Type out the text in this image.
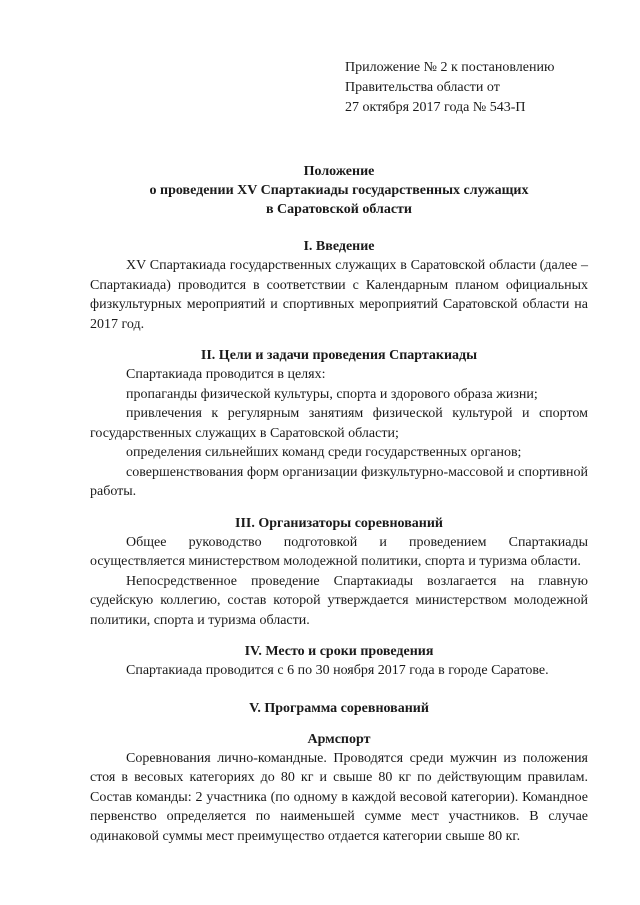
Приложение № 2 к постановлению
Правительства области от
27 октября 2017 года № 543-П
Положение
о проведении XV Спартакиады государственных служащих
в Саратовской области
I. Введение

XV Спартакиада государственных служащих в Саратовской области (далее – Спартакиада) проводится в соответствии с Календарным планом официальных физкультурных мероприятий и спортивных мероприятий Саратовской области на 2017 год.

II. Цели и задачи проведения Спартакиады

Спартакиада проводится в целях:

пропаганды физической культуры, спорта и здорового образа жизни;

привлечения к регулярным занятиям физической культурой и спортом государственных служащих в Саратовской области;

определения сильнейших команд среди государственных органов;

совершенствования форм организации физкультурно-массовой и спортивной работы.

III. Организаторы соревнований

Общее руководство подготовкой и проведением Спартакиады осуществляется министерством молодежной политики, спорта и туризма области.

Непосредственное проведение Спартакиады возлагается на главную судейскую коллегию, состав которой утверждается министерством молодежной политики, спорта и туризма области.

IV. Место и сроки проведения

Спартакиада проводится с 6 по 30 ноября 2017 года в городе Саратове.

V. Программа соревнований
Армспорт

Соревнования лично-командные. Проводятся среди мужчин из положения стоя в весовых категориях до 80 кг и свыше 80 кг по действующим правилам. Состав команды: 2 участника (по одному в каждой весовой категории). Командное первенство определяется по наименьшей сумме мест участников. В случае одинаковой суммы мест преимущество отдается категории свыше 80 кг.
